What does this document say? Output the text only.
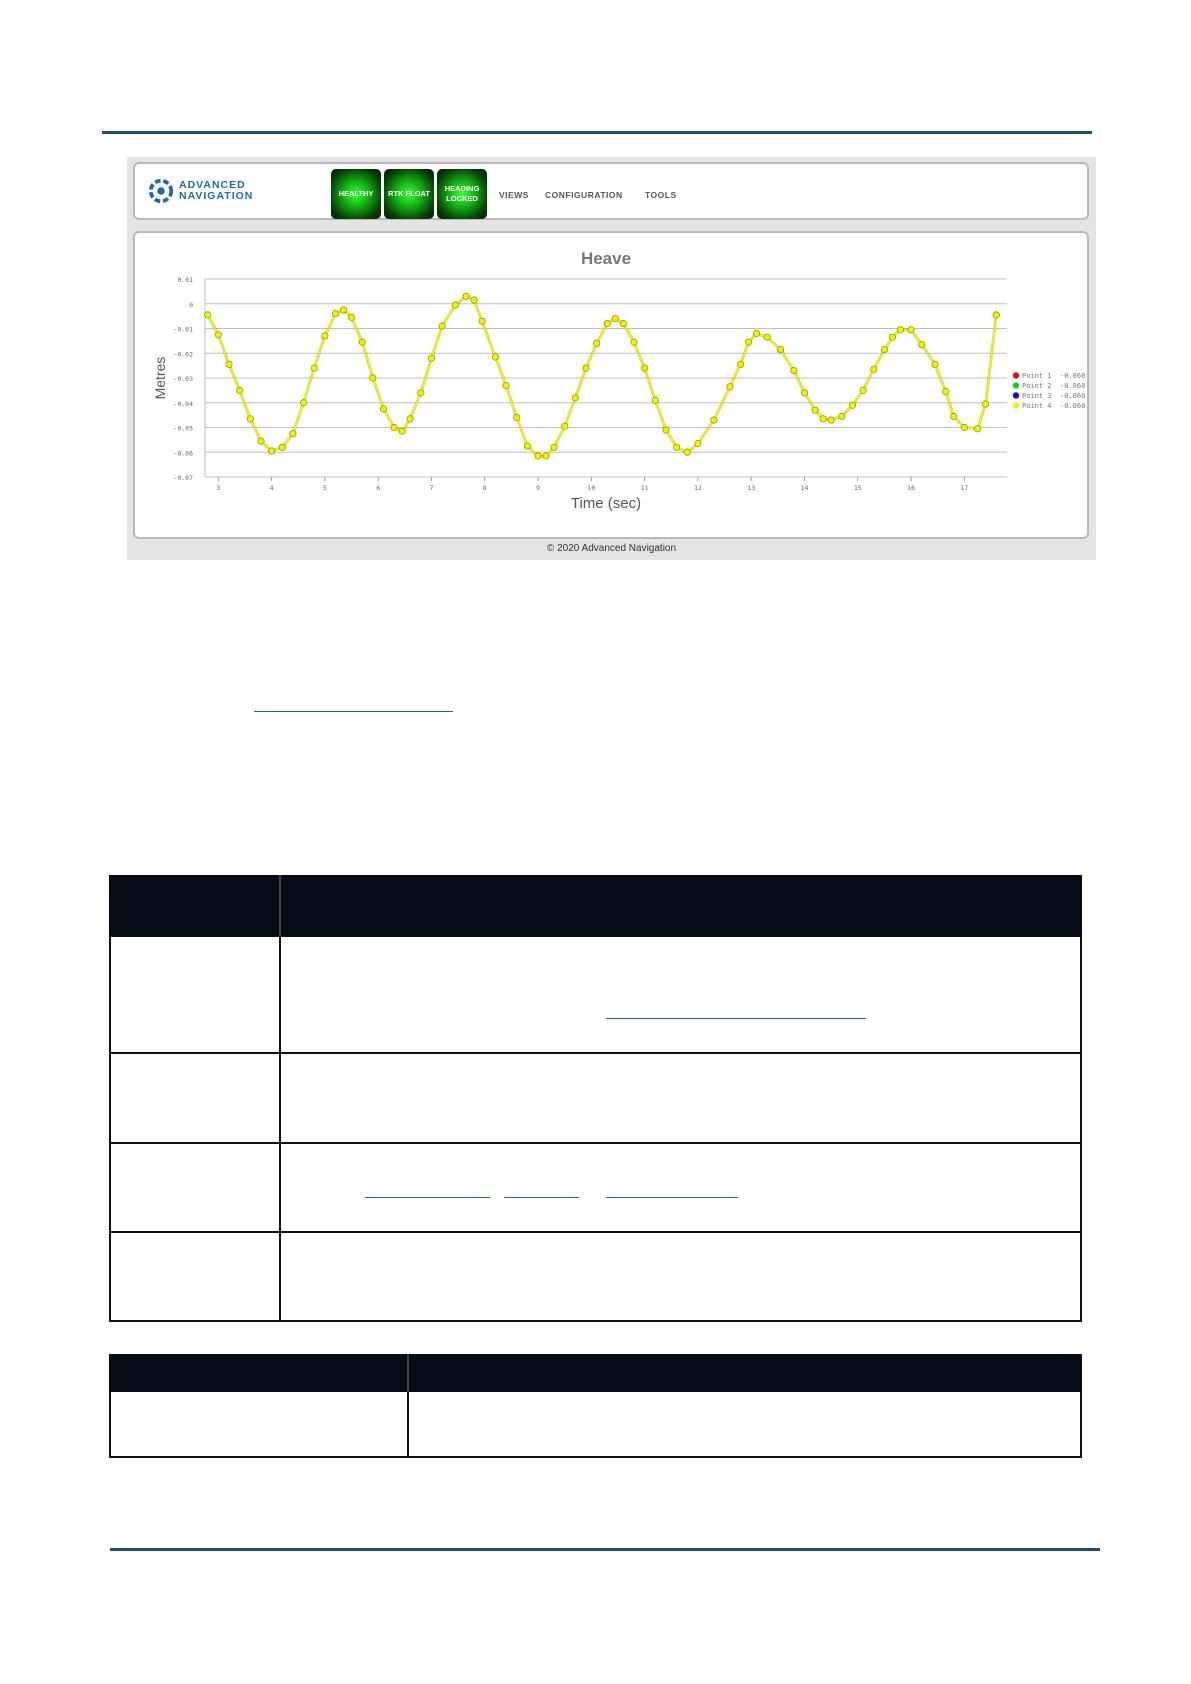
ADVANCED
NAVIGATION	HEALTHY	RTK FLOAT
HEADING LOCKED	VIEWS CONFIGURATION	TOOLS
Heave
Time (sec)
Metres
0.01
0
-0.01
-0.02
-0.03
-0.04
-0.05
-0.06
-0.07
3	4	5	6	7	8	9	10	11	12	13	14	15	16	17
Point 1 -0.060
Point 2 -0.060
Point 3 -0.060
Point 4 -0.060
© 2020 Advanced Navigation
